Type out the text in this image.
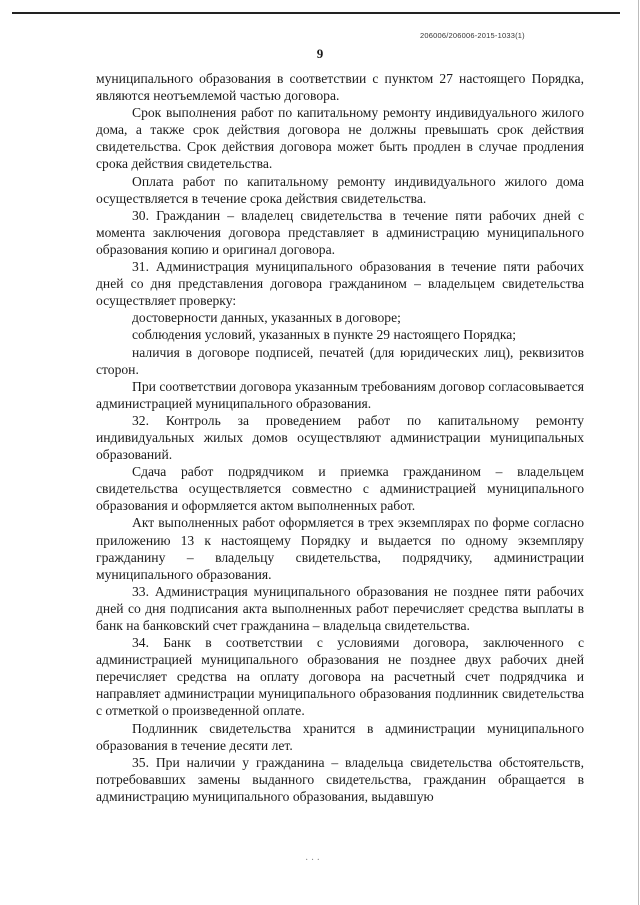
206006/206006-2015-1033(1)
9

муниципального образования в соответствии с пунктом 27 настоящего Порядка, являются неотъемлемой частью договора.

Срок выполнения работ по капитальному ремонту индивидуального жилого дома, а также срок действия договора не должны превышать срок действия свидетельства. Срок действия договора может быть продлен в случае продления срока действия свидетельства.

Оплата работ по капитальному ремонту индивидуального жилого дома осуществляется в течение срока действия свидетельства.

30. Гражданин – владелец свидетельства в течение пяти рабочих дней с момента заключения договора представляет в администрацию муниципального образования копию и оригинал договора.

31. Администрация муниципального образования в течение пяти рабочих дней со дня представления договора гражданином – владельцем свидетельства осуществляет проверку:

достоверности данных, указанных в договоре;

соблюдения условий, указанных в пункте 29 настоящего Порядка;

наличия в договоре подписей, печатей (для юридических лиц), реквизитов сторон.

При соответствии договора указанным требованиям договор согласовывается администрацией муниципального образования.

32. Контроль за проведением работ по капитальному ремонту индивидуальных жилых домов осуществляют администрации муниципальных образований.

Сдача работ подрядчиком и приемка гражданином – владельцем свидетельства осуществляется совместно с администрацией муниципального образования и оформляется актом выполненных работ.

Акт выполненных работ оформляется в трех экземплярах по форме согласно приложению 13 к настоящему Порядку и выдается по одному экземпляру гражданину – владельцу свидетельства, подрядчику, администрации муниципального образования.

33. Администрация муниципального образования не позднее пяти рабочих дней со дня подписания акта выполненных работ перечисляет средства выплаты в банк на банковский счет гражданина – владельца свидетельства.

34. Банк в соответствии с условиями договора, заключенного с администрацией муниципального образования не позднее двух рабочих дней перечисляет средства на оплату договора на расчетный счет подрядчика и направляет администрации муниципального образования подлинник свидетельства с отметкой о произведенной оплате.

Подлинник свидетельства хранится в администрации муниципального образования в течение десяти лет.

35. При наличии у гражданина – владельца свидетельства обстоятельств, потребовавших замены выданного свидетельства, гражданин обращается в администрацию муниципального образования, выдавшую

· · ·
